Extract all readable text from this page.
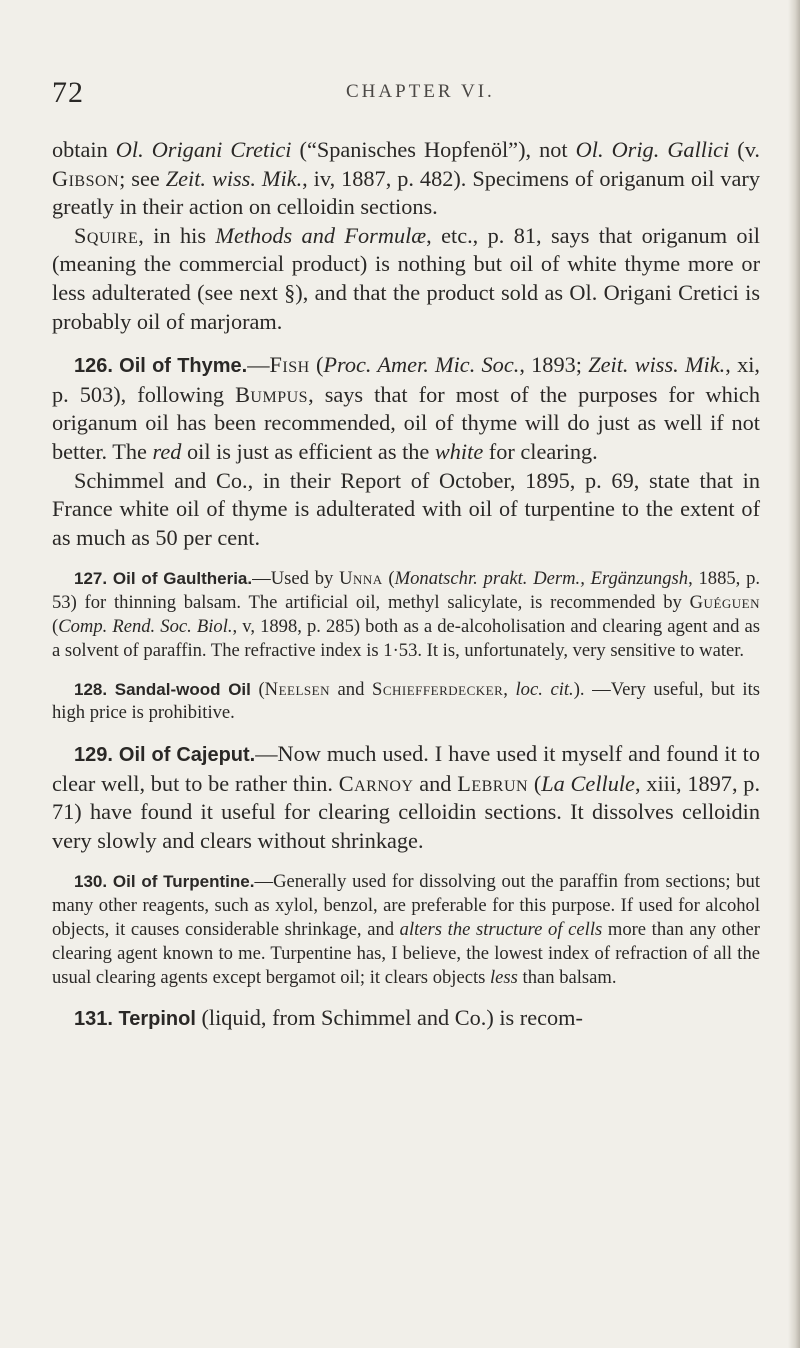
72	CHAPTER VI.

obtain Ol. Origani Cretici (“Spanisches Hopfenöl”), not Ol. Orig. Gallici (v. Gibson; see Zeit. wiss. Mik., iv, 1887, p. 482). Specimens of origanum oil vary greatly in their action on celloidin sections.

Squire, in his Methods and Formulæ, etc., p. 81, says that origanum oil (meaning the commercial product) is nothing but oil of white thyme more or less adulterated (see next §), and that the product sold as Ol. Origani Cretici is probably oil of marjoram.

126. Oil of Thyme.—Fish (Proc. Amer. Mic. Soc., 1893; Zeit. wiss. Mik., xi, p. 503), following Bumpus, says that for most of the purposes for which origanum oil has been recommended, oil of thyme will do just as well if not better. The red oil is just as efficient as the white for clearing.

Schimmel and Co., in their Report of October, 1895, p. 69, state that in France white oil of thyme is adulterated with oil of turpentine to the extent of as much as 50 per cent.

127. Oil of Gaultheria.—Used by Unna (Monatschr. prakt. Derm., Ergänzungsh, 1885, p. 53) for thinning balsam. The artificial oil, methyl salicylate, is recommended by Guéguen (Comp. Rend. Soc. Biol., v, 1898, p. 285) both as a de-alcoholisation and clearing agent and as a solvent of paraffin. The refractive index is 1·53. It is, unfortunately, very sensitive to water.

128. Sandal-wood Oil (Neelsen and Schiefferdecker, loc. cit.). —Very useful, but its high price is prohibitive.

129. Oil of Cajeput.—Now much used. I have used it myself and found it to clear well, but to be rather thin. Carnoy and Lebrun (La Cellule, xiii, 1897, p. 71) have found it useful for clearing celloidin sections. It dissolves celloidin very slowly and clears without shrinkage.

130. Oil of Turpentine.—Generally used for dissolving out the paraffin from sections; but many other reagents, such as xylol, benzol, are preferable for this purpose. If used for alcohol objects, it causes considerable shrinkage, and alters the structure of cells more than any other clearing agent known to me. Turpentine has, I believe, the lowest index of refraction of all the usual clearing agents except bergamot oil; it clears objects less than balsam.

131. Terpinol (liquid, from Schimmel and Co.) is recom-
